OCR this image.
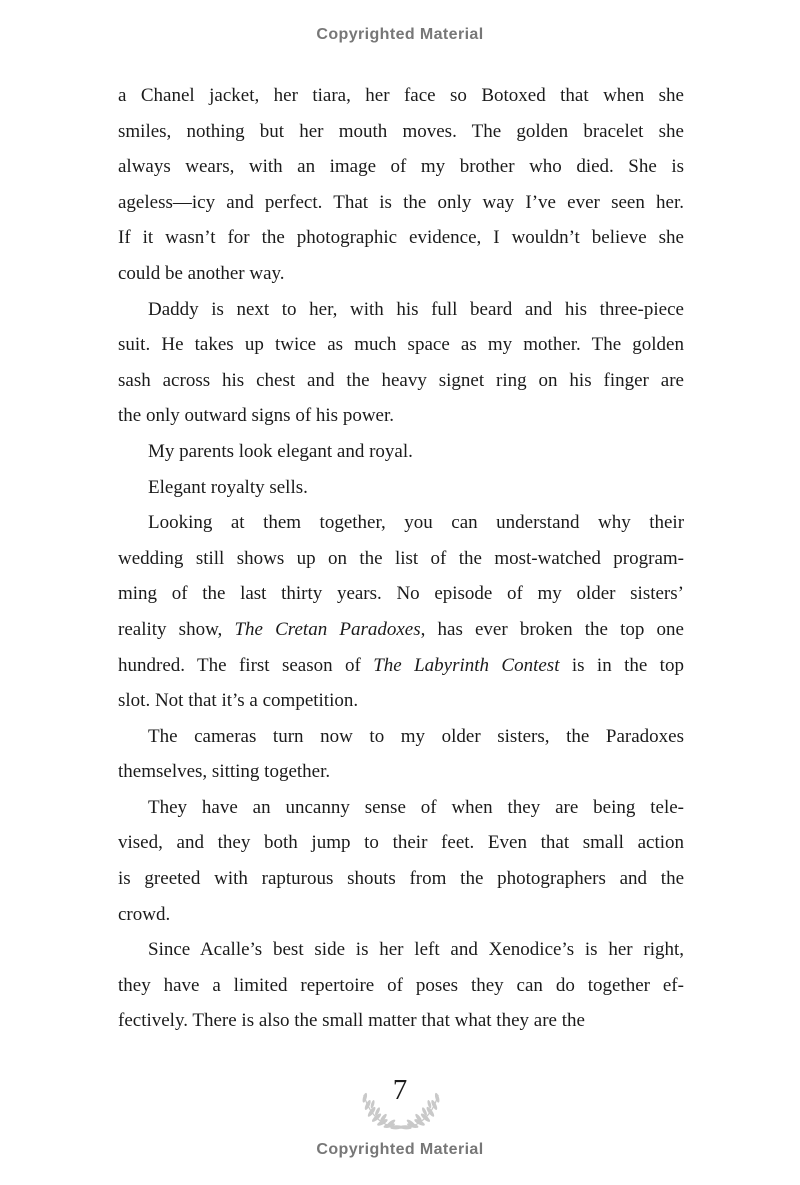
Copyrighted Material
a Chanel jacket, her tiara, her face so Botoxed that when she
smiles, nothing but her mouth moves. The golden bracelet she
always wears, with an image of my brother who died. She is
ageless—icy and perfect. That is the only way I’ve ever seen her.
If it wasn’t for the photographic evidence, I wouldn’t believe she
could be another way.
Daddy is next to her, with his full beard and his three-piece
suit. He takes up twice as much space as my mother. The golden
sash across his chest and the heavy signet ring on his finger are
the only outward signs of his power.
My parents look elegant and royal.
Elegant royalty sells.
Looking at them together, you can understand why their
wedding still shows up on the list of the most-watched program-
ming of the last thirty years. No episode of my older sisters’
reality show, The Cretan Paradoxes, has ever broken the top one
hundred. The first season of The Labyrinth Contest is in the top
slot. Not that it’s a competition.
The cameras turn now to my older sisters, the Paradoxes
themselves, sitting together.
They have an uncanny sense of when they are being tele-
vised, and they both jump to their feet. Even that small action
is greeted with rapturous shouts from the photographers and the
crowd.
Since Acalle’s best side is her left and Xenodice’s is her right,
they have a limited repertoire of poses they can do together ef-
fectively. There is also the small matter that what they are the
7
Copyrighted Material
